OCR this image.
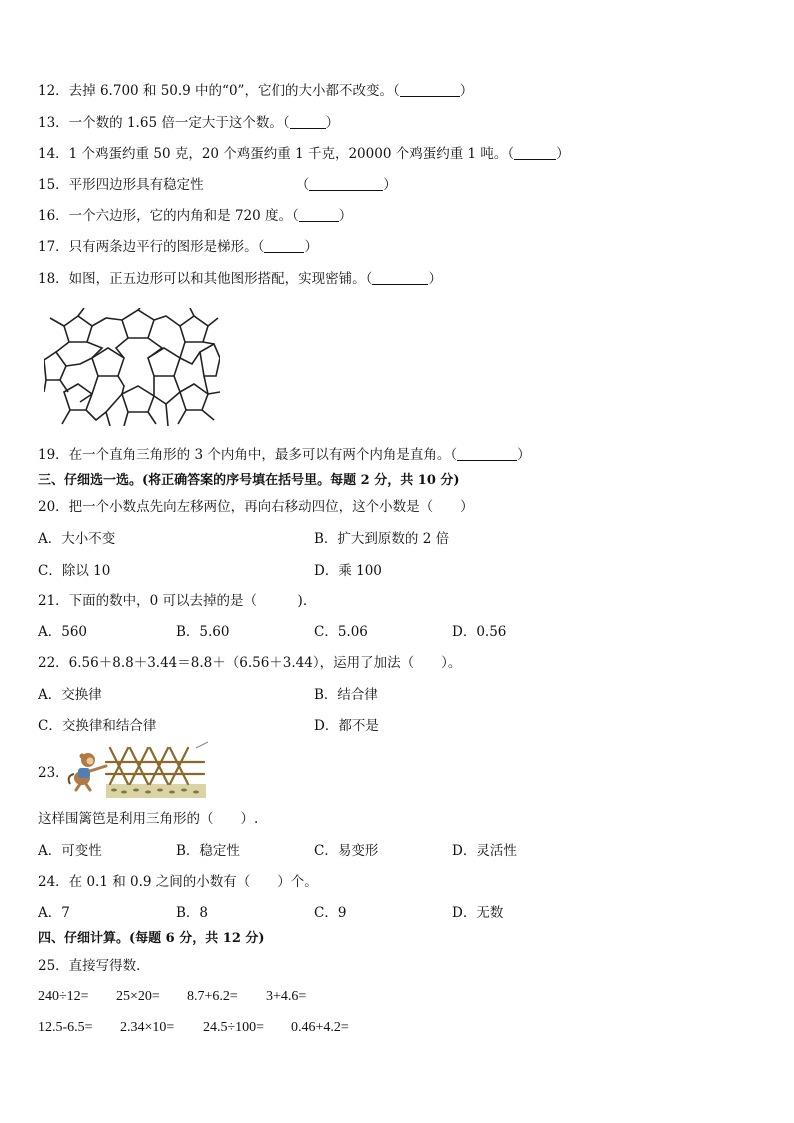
12．去掉 6.700 和 50.9 中的“0”，它们的大小都不改变。（	）
13．一个数的 1.65 倍一定大于这个数。（	）
14．1 个鸡蛋约重 50 克，20 个鸡蛋约重 1 千克，20000 个鸡蛋约重 1 吨。（	）
15．平形四边形具有稳定性	（	）
16．一个六边形，它的内角和是 720 度。（	）
17．只有两条边平行的图形是梯形。（	）
18．如图，正五边形可以和其他图形搭配，实现密铺。（	）
19．在一个直角三角形的 3 个内角中，最多可以有两个内角是直角。（	）
三、仔细选一选。(将正确答案的序号填在括号里。每题 2 分，共 10 分)
20．把一个小数点先向左移两位，再向右移动四位，这个小数是（　　）
A．大小不变	B．扩大到原数的 2 倍
C．除以 10	D．乘 100
21．下面的数中，0 可以去掉的是（　　　)．
A．560	B．5.60	C．5.06	D．0.56
22．6.56＋8.8＋3.44＝8.8＋（6.56＋3.44），运用了加法（　　）。
A．交换律	B．结合律
C．交换律和结合律	D．都不是
23．
这样围篱笆是利用三角形的（　　）.
A．可变性	B．稳定性	C．易变形	D．灵活性
24．在 0.1 和 0.9 之间的小数有（　　）个。
A．7	B．8	C．9	D．无数
四、仔细计算。(每题 6 分，共 12 分)
25．直接写得数．
240÷12= 25×20= 8.7+6.2= 3+4.6=
12.5-6.5= 2.34×10= 24.5÷100= 0.46+4.2=
